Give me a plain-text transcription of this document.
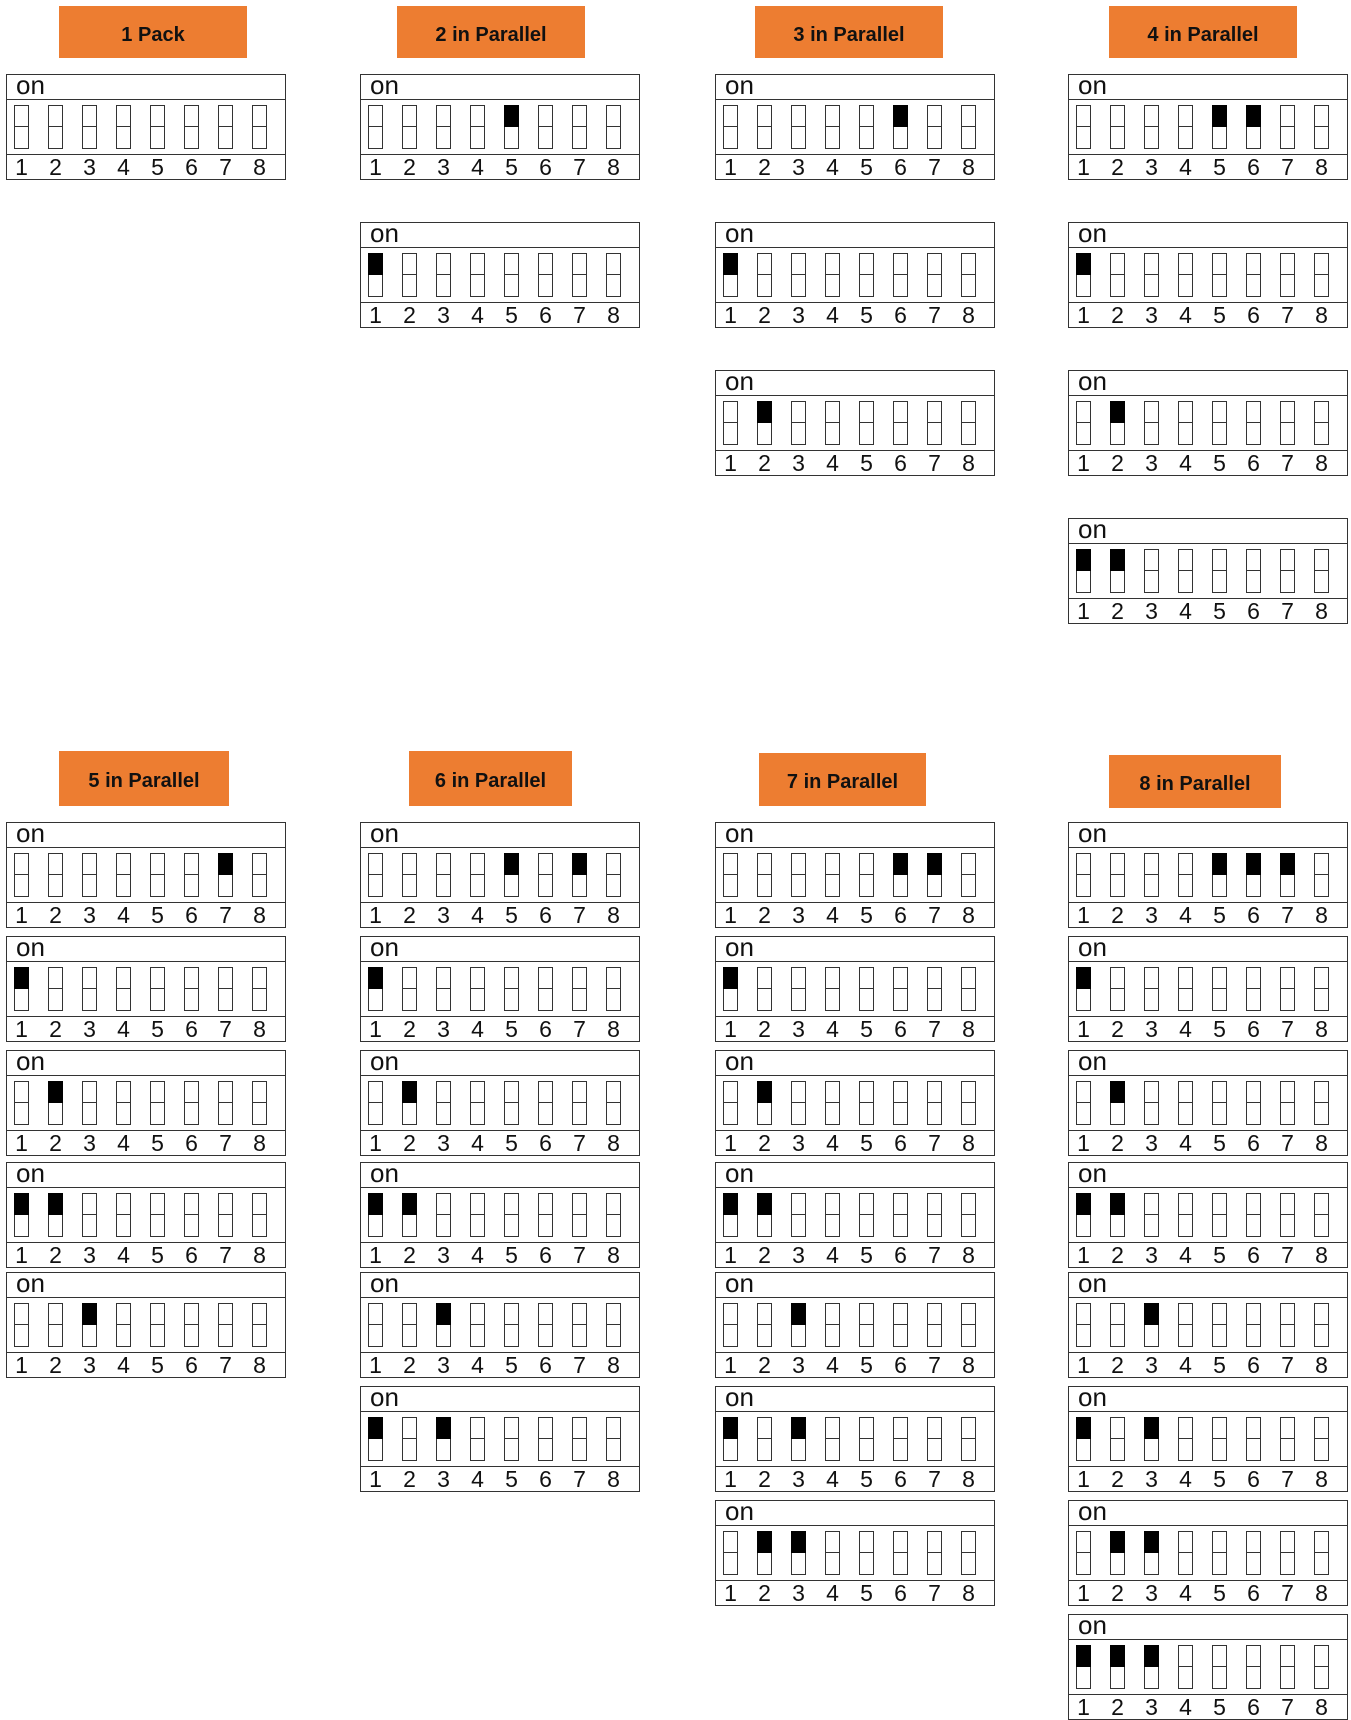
1 Pack
on
1 2 3 4 5 6 7 8
2 in Parallel
on
1 2 3 4 5 6 7 8
on
1 2 3 4 5 6 7 8
3 in Parallel
on
1 2 3 4 5 6 7 8
on
1 2 3 4 5 6 7 8
on
1 2 3 4 5 6 7 8
4 in Parallel
on
1 2 3 4 5 6 7 8
on
1 2 3 4 5 6 7 8
on
1 2 3 4 5 6 7 8
on
1 2 3 4 5 6 7 8
5 in Parallel
on
1 2 3 4 5 6 7 8
on
1 2 3 4 5 6 7 8
on
1 2 3 4 5 6 7 8
on
1 2 3 4 5 6 7 8
on
1 2 3 4 5 6 7 8
6 in Parallel
on
1 2 3 4 5 6 7 8
on
1 2 3 4 5 6 7 8
on
1 2 3 4 5 6 7 8
on
1 2 3 4 5 6 7 8
on
1 2 3 4 5 6 7 8
on
1 2 3 4 5 6 7 8
7 in Parallel
on
1 2 3 4 5 6 7 8
on
1 2 3 4 5 6 7 8
on
1 2 3 4 5 6 7 8
on
1 2 3 4 5 6 7 8
on
1 2 3 4 5 6 7 8
on
1 2 3 4 5 6 7 8
on
1 2 3 4 5 6 7 8
8 in Parallel
on
1 2 3 4 5 6 7 8
on
1 2 3 4 5 6 7 8
on
1 2 3 4 5 6 7 8
on
1 2 3 4 5 6 7 8
on
1 2 3 4 5 6 7 8
on
1 2 3 4 5 6 7 8
on
1 2 3 4 5 6 7 8
on
1 2 3 4 5 6 7 8
